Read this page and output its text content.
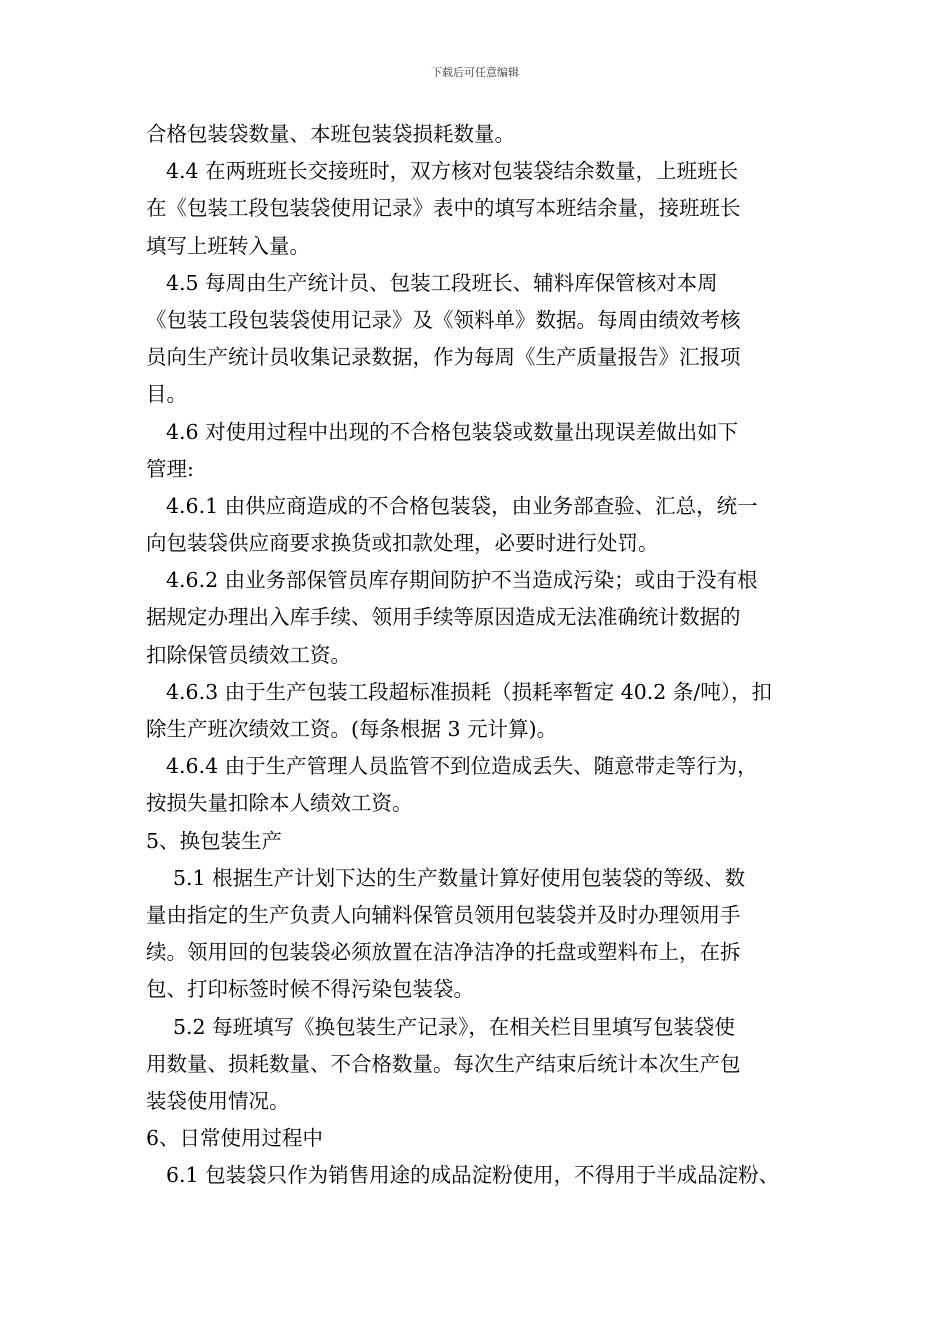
下载后可任意编辑
合格包装袋数量、本班包装袋损耗数量。
4.4 在两班班长交接班时，双方核对包装袋结余数量，上班班长
在《包装工段包装袋使用记录》表中的填写本班结余量，接班班长
填写上班转入量。
4.5 每周由生产统计员、包装工段班长、辅料库保管核对本周
《包装工段包装袋使用记录》及《领料单》数据。每周由绩效考核
员向生产统计员收集记录数据，作为每周《生产质量报告》汇报项
目。
4.6 对使用过程中出现的不合格包装袋或数量出现误差做出如下
管理:
4.6.1 由供应商造成的不合格包装袋，由业务部查验、汇总，统一
向包装袋供应商要求换货或扣款处理，必要时进行处罚。
4.6.2 由业务部保管员库存期间防护不当造成污染；或由于没有根
据规定办理出入库手续、领用手续等原因造成无法准确统计数据的
扣除保管员绩效工资。
4.6.3 由于生产包装工段超标准损耗（损耗率暂定 40.2 条/吨），扣
除生产班次绩效工资。(每条根据 3 元计算)。
4.6.4 由于生产管理人员监管不到位造成丢失、随意带走等行为，
按损失量扣除本人绩效工资。
5、换包装生产
5.1 根据生产计划下达的生产数量计算好使用包装袋的等级、数
量由指定的生产负责人向辅料保管员领用包装袋并及时办理领用手
续。领用回的包装袋必须放置在洁净洁净的托盘或塑料布上，在拆
包、打印标签时候不得污染包装袋。
5.2 每班填写《换包装生产记录》，在相关栏目里填写包装袋使
用数量、损耗数量、不合格数量。每次生产结束后统计本次生产包
装袋使用情况。
6、日常使用过程中
6.1 包装袋只作为销售用途的成品淀粉使用，不得用于半成品淀粉、
